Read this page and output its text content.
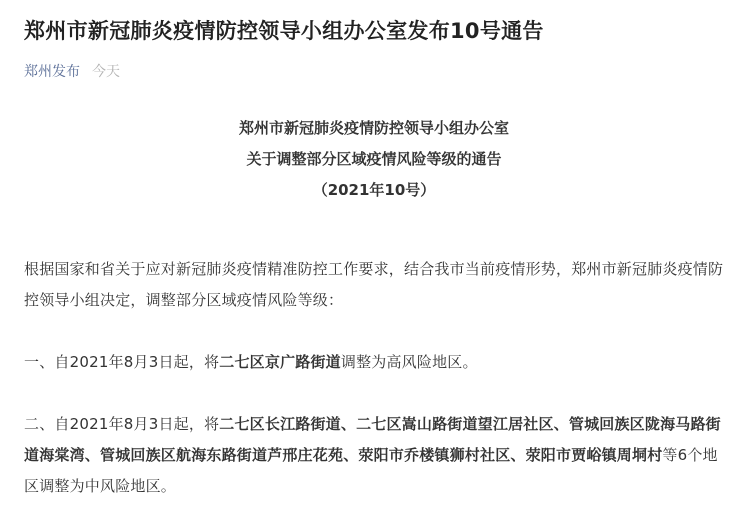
郑州市新冠肺炎疫情防控领导小组办公室发布10号通告
郑州发布 今天
郑州市新冠肺炎疫情防控领导小组办公室
关于调整部分区域疫情风险等级的通告
（2021年10号）

根据国家和省关于应对新冠肺炎疫情精准防控工作要求，结合我市当前疫情形势，郑州市新冠肺炎疫情防控领导小组决定，调整部分区域疫情风险等级：

一、自2021年8月3日起，将二七区京广路街道调整为高风险地区。

二、自2021年8月3日起，将二七区长江路街道、二七区嵩山路街道望江居社区、管城回族区陇海马路街道海棠湾、管城回族区航海东路街道芦邢庄花苑、荥阳市乔楼镇狮村社区、荥阳市贾峪镇周垌村等6个地区调整为中风险地区。
